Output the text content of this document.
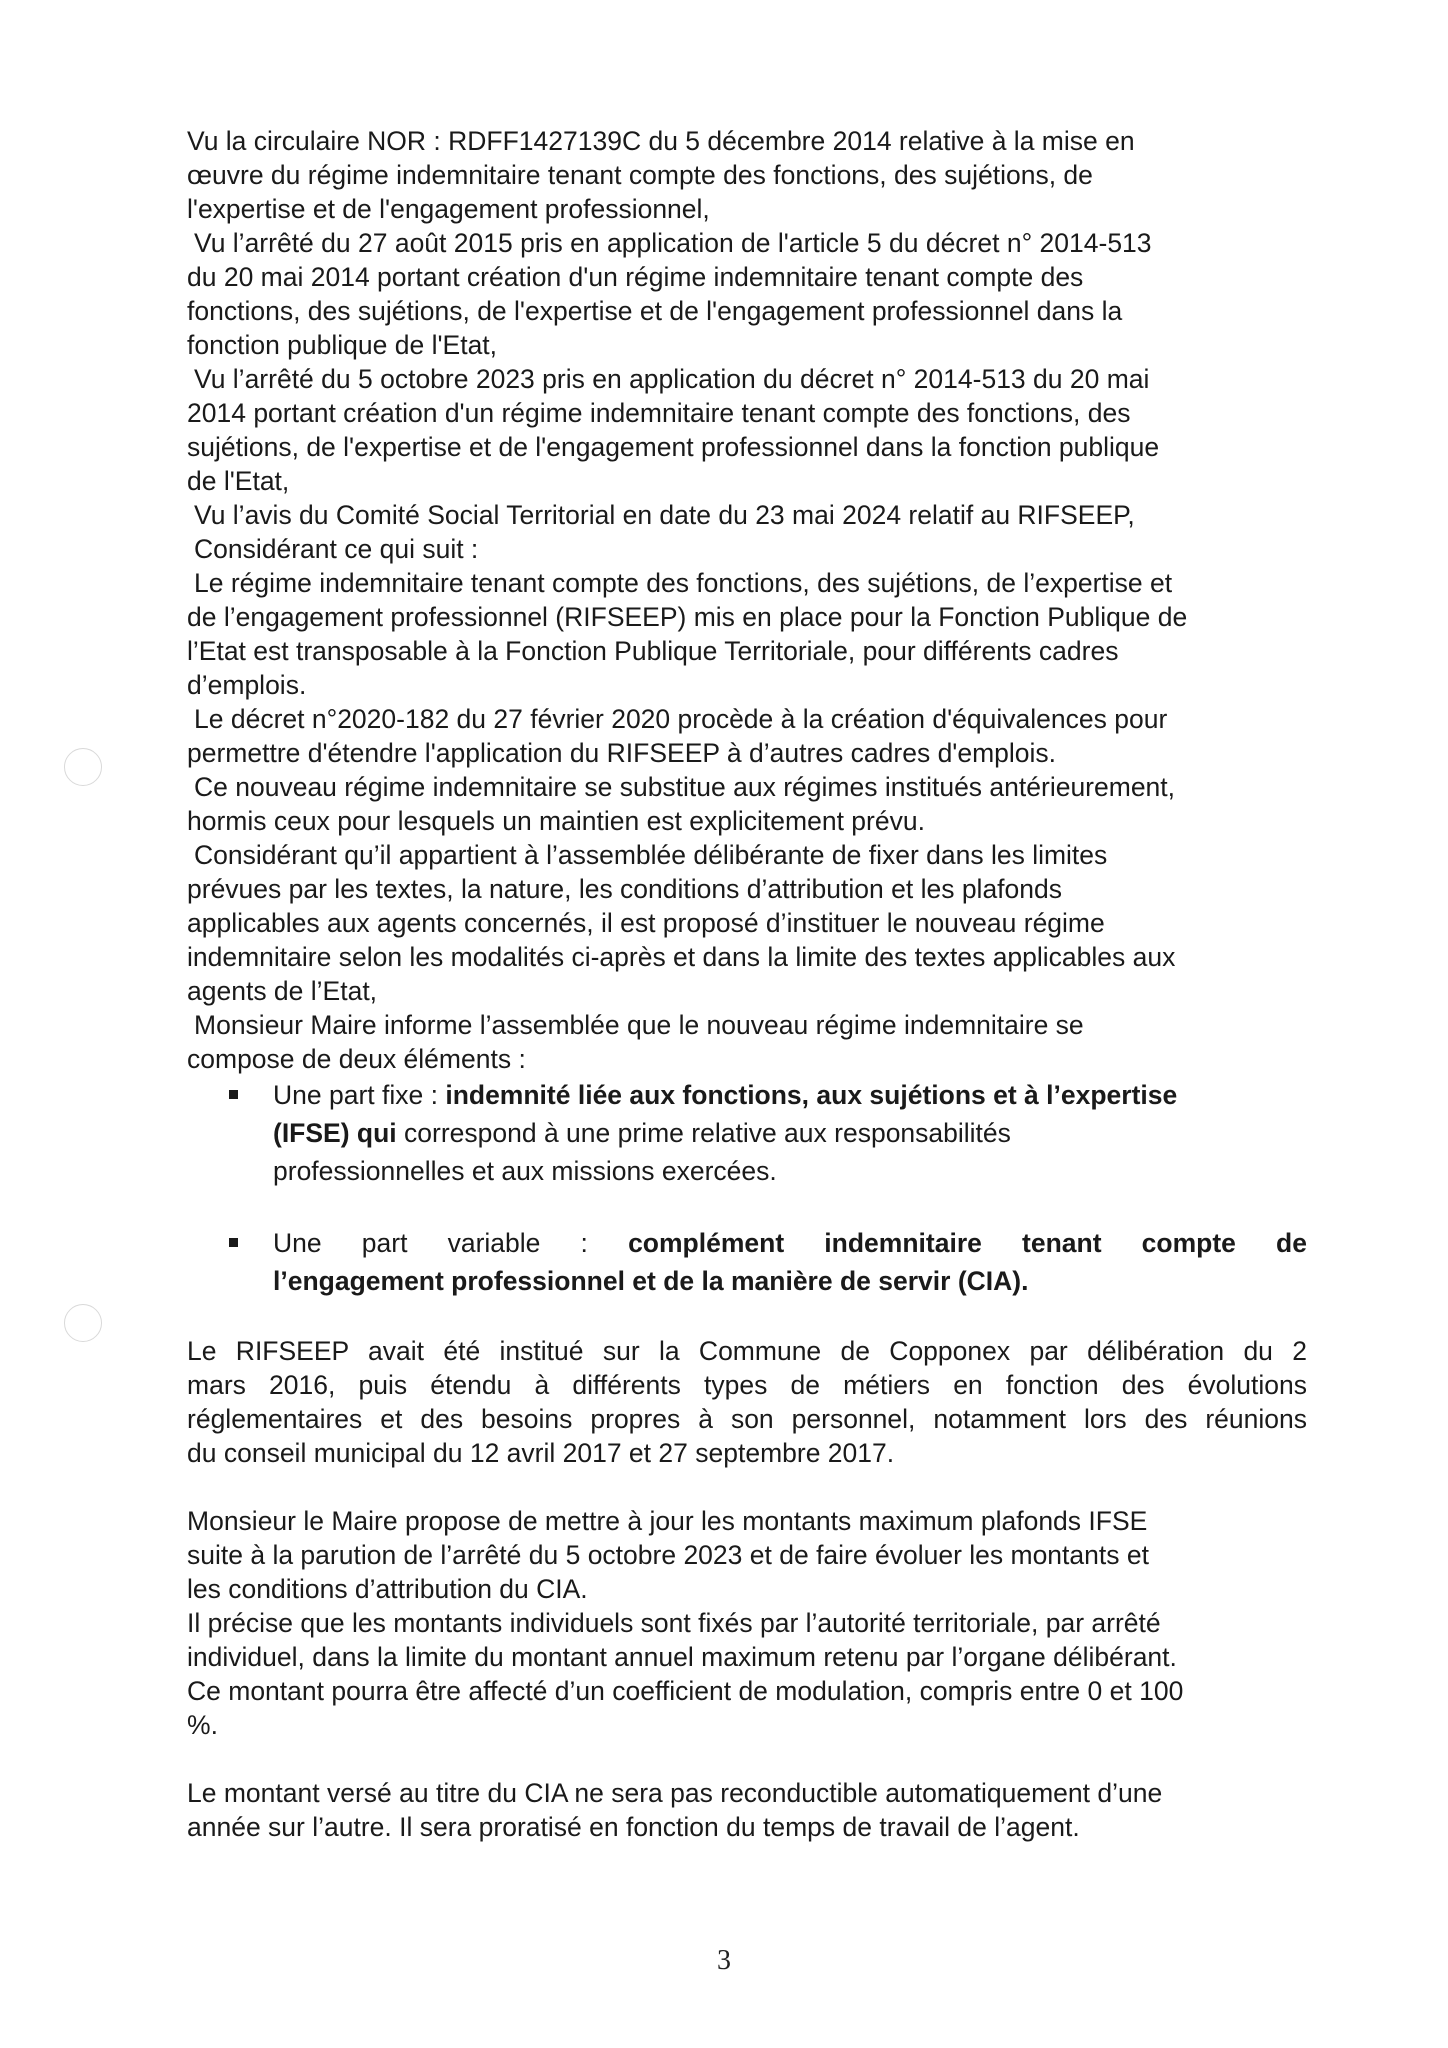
Vu la circulaire NOR : RDFF1427139C du 5 décembre 2014 relative à la mise en
œuvre du régime indemnitaire tenant compte des fonctions, des sujétions, de
l'expertise et de l'engagement professionnel,
Vu l’arrêté du 27 août 2015 pris en application de l'article 5 du décret n° 2014-513
du 20 mai 2014 portant création d'un régime indemnitaire tenant compte des
fonctions, des sujétions, de l'expertise et de l'engagement professionnel dans la
fonction publique de l'Etat,
Vu l’arrêté du 5 octobre 2023 pris en application du décret n° 2014-513 du 20 mai
2014 portant création d'un régime indemnitaire tenant compte des fonctions, des
sujétions, de l'expertise et de l'engagement professionnel dans la fonction publique
de l'Etat,
Vu l’avis du Comité Social Territorial en date du 23 mai 2024 relatif au RIFSEEP,
Considérant ce qui suit :
Le régime indemnitaire tenant compte des fonctions, des sujétions, de l’expertise et
de l’engagement professionnel (RIFSEEP) mis en place pour la Fonction Publique de
l’Etat est transposable à la Fonction Publique Territoriale, pour différents cadres
d’emplois.
Le décret n°2020-182 du 27 février 2020 procède à la création d'équivalences pour
permettre d'étendre l'application du RIFSEEP à d’autres cadres d'emplois.
Ce nouveau régime indemnitaire se substitue aux régimes institués antérieurement,
hormis ceux pour lesquels un maintien est explicitement prévu.
Considérant qu’il appartient à l’assemblée délibérante de fixer dans les limites
prévues par les textes, la nature, les conditions d’attribution et les plafonds
applicables aux agents concernés, il est proposé d’instituer le nouveau régime
indemnitaire selon les modalités ci-après et dans la limite des textes applicables aux
agents de l’Etat,
Monsieur Maire informe l’assemblée que le nouveau régime indemnitaire se
compose de deux éléments :
Une part fixe : indemnité liée aux fonctions, aux sujétions et à l’expertise
(IFSE) qui correspond à une prime relative aux responsabilités
professionnelles et aux missions exercées.
Une part variable : complément indemnitaire tenant compte de
l’engagement professionnel et de la manière de servir (CIA).
Le RIFSEEP avait été institué sur la Commune de Copponex par délibération du 2
mars 2016, puis étendu à différents types de métiers en fonction des évolutions
réglementaires et des besoins propres à son personnel, notamment lors des réunions
du conseil municipal du 12 avril 2017 et 27 septembre 2017.
Monsieur le Maire propose de mettre à jour les montants maximum plafonds IFSE
suite à la parution de l’arrêté du 5 octobre 2023 et de faire évoluer les montants et
les conditions d’attribution du CIA.
Il précise que les montants individuels sont fixés par l’autorité territoriale, par arrêté
individuel, dans la limite du montant annuel maximum retenu par l’organe délibérant.
Ce montant pourra être affecté d’un coefficient de modulation, compris entre 0 et 100
%.
Le montant versé au titre du CIA ne sera pas reconductible automatiquement d’une
année sur l’autre. Il sera proratisé en fonction du temps de travail de l’agent.
3
